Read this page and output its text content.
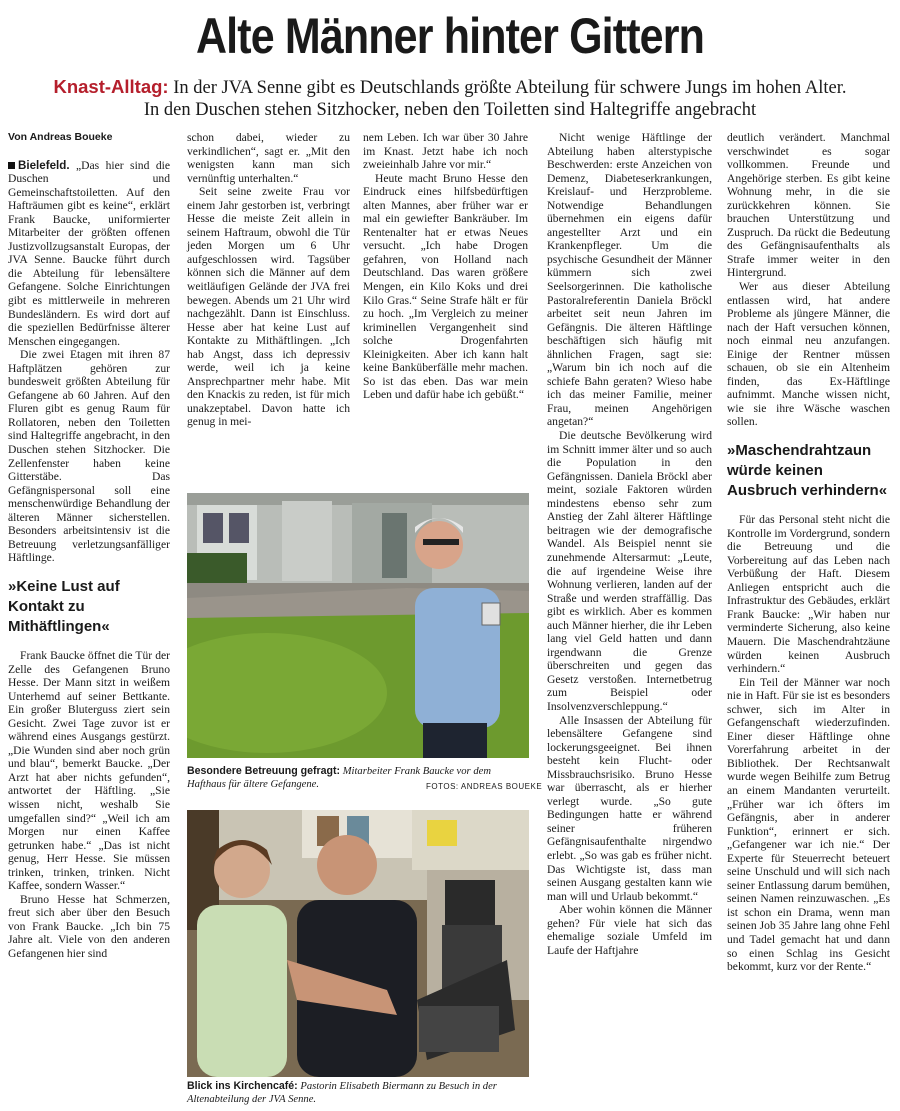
Alte Männer hinter Gittern
Knast-Alltag: In der JVA Senne gibt es Deutschlands größte Abteilung für schwere Jungs im hohen Alter.
In den Duschen stehen Sitzhocker, neben den Toiletten sind Haltegriffe angebracht
Von Andreas Boueke

Bielefeld. „Das hier sind die Duschen und Gemeinschaftstoiletten. Auf den Hafträumen gibt es keine“, erklärt Frank Baucke, uniformierter Mitarbeiter der größten offenen Justizvollzugsanstalt Europas, der JVA Senne. Baucke führt durch die Abteilung für lebensältere Gefangene. Solche Einrichtungen gibt es mittlerweile in mehreren Bundesländern. Es wird dort auf die speziellen Bedürfnisse älterer Menschen eingegangen.

Die zwei Etagen mit ihren 87 Haftplätzen gehören zur bundesweit größten Abteilung für Gefangene ab 60 Jahren. Auf den Fluren gibt es genug Raum für Rollatoren, neben den Toiletten sind Haltegriffe angebracht, in den Duschen stehen Sitzhocker. Die Zellenfenster haben keine Gitterstäbe. Das Gefängnispersonal soll eine menschenwürdige Behandlung der älteren Männer sicherstellen. Besonders arbeitsintensiv ist die Betreuung verletzungsanfälliger Häftlinge.

»Keine Lust auf Kontakt zu Mithäftlingen«

Frank Baucke öffnet die Tür der Zelle des Gefangenen Bruno Hesse. Der Mann sitzt in weißem Unterhemd auf seiner Bettkante. Ein großer Bluterguss ziert sein Gesicht. Zwei Tage zuvor ist er während eines Ausgangs gestürzt. „Die Wunden sind aber noch grün und blau“, bemerkt Baucke. „Der Arzt hat aber nichts gefunden“, antwortet der Häftling. „Sie wissen nicht, weshalb Sie umgefallen sind?“ „Weil ich am Morgen nur einen Kaffee getrunken habe.“ „Das ist nicht genug, Herr Hesse. Sie müssen trinken, trinken, trinken. Nicht Kaffee, sondern Wasser.“

Bruno Hesse hat Schmerzen, freut sich aber über den Besuch von Frank Baucke. „Ich bin 75 Jahre alt. Viele von den anderen Gefangenen hier sind

schon dabei, wieder zu verkindlichen“, sagt er. „Mit den wenigsten kann man sich vernünftig unterhalten.“

Seit seine zweite Frau vor einem Jahr gestorben ist, verbringt Hesse die meiste Zeit allein in seinem Haftraum, obwohl die Tür jeden Morgen um 6 Uhr aufgeschlossen wird. Tagsüber können sich die Männer auf dem weitläufigen Gelände der JVA frei bewegen. Abends um 21 Uhr wird nachgezählt. Dann ist Einschluss. Hesse aber hat keine Lust auf Kontakte zu Mithäftlingen. „Ich hab Angst, dass ich depressiv werde, weil ich ja keine Ansprechpartner mehr habe. Mit den Knackis zu reden, ist für mich unakzeptabel. Davon hatte ich genug in mei-

nem Leben. Ich war über 30 Jahre im Knast. Jetzt habe ich noch zweieinhalb Jahre vor mir.“

Heute macht Bruno Hesse den Eindruck eines hilfsbedürftigen alten Mannes, aber früher war er mal ein gewiefter Bankräuber. Im Rentenalter hat er etwas Neues versucht. „Ich habe Drogen gefahren, von Holland nach Deutschland. Das waren größere Mengen, ein Kilo Koks und drei Kilo Gras.“ Seine Strafe hält er für zu hoch. „Im Vergleich zu meiner kriminellen Vergangenheit sind solche Drogenfahrten Kleinigkeiten. Aber ich kann halt keine Banküberfälle mehr machen. So ist das eben. Das war mein Leben und dafür habe ich gebüßt.“

Besondere Betreuung gefragt: Mitarbeiter Frank Baucke vor dem Hafthaus für ältere Gefangene.	FOTOS: ANDREAS BOUEKE
Blick ins Kirchencafé: Pastorin Elisabeth Biermann zu Besuch in der Altenabteilung der JVA Senne.

Nicht wenige Häftlinge der Abteilung haben alterstypische Beschwerden: erste Anzeichen von Demenz, Diabeteserkrankungen, Kreislauf- und Herzprobleme. Notwendige Behandlungen übernehmen ein eigens dafür angestellter Arzt und ein Krankenpfleger. Um die psychische Gesundheit der Männer kümmern sich zwei Seelsorgerinnen. Die katholische Pastoralreferentin Daniela Bröckl arbeitet seit neun Jahren im Gefängnis. Die älteren Häftlinge beschäftigen sich häufig mit ähnlichen Fragen, sagt sie: „Warum bin ich noch auf die schiefe Bahn geraten? Wieso habe ich das meiner Familie, meiner Frau, meinen Angehörigen angetan?“

Die deutsche Bevölkerung wird im Schnitt immer älter und so auch die Population in den Gefängnissen. Daniela Bröckl aber meint, soziale Faktoren würden mindestens ebenso sehr zum Anstieg der Zahl älterer Häftlinge beitragen wie der demografische Wandel. Als Beispiel nennt sie zunehmende Altersarmut: „Leute, die auf irgendeine Weise ihre Wohnung verlieren, landen auf der Straße und werden straffällig. Das gibt es wirklich. Aber es kommen auch Männer hierher, die ihr Leben lang viel Geld hatten und dann irgendwann die Grenze überschreiten und gegen das Gesetz verstoßen. Internetbetrug zum Beispiel oder Insolvenzverschleppung.“

Alle Insassen der Abteilung für lebensältere Gefangene sind lockerungsgeeignet. Bei ihnen besteht kein Flucht- oder Missbrauchsrisiko. Bruno Hesse war überrascht, als er hierher verlegt wurde. „So gute Bedingungen hatte er während seiner früheren Gefängnisaufenthalte nirgendwo erlebt. „So was gab es früher nicht. Das Wichtigste ist, dass man seinen Ausgang gestalten kann wie man will und Urlaub bekommt.“

Aber wohin können die Männer gehen? Für viele hat sich das ehemalige soziale Umfeld im Laufe der Haftjahre

deutlich verändert. Manchmal verschwindet es sogar vollkommen. Freunde und Angehörige sterben. Es gibt keine Wohnung mehr, in die sie zurückkehren können. Sie brauchen Unterstützung und Zuspruch. Da rückt die Bedeutung des Gefängnisaufenthalts als Strafe immer weiter in den Hintergrund.

Wer aus dieser Abteilung entlassen wird, hat andere Probleme als jüngere Männer, die nach der Haft versuchen können, noch einmal neu anzufangen. Einige der Rentner müssen schauen, ob sie ein Altenheim finden, das Ex-Häftlinge aufnimmt. Manche wissen nicht, wie sie ihre Wäsche waschen sollen.

»Maschendrahtzaun würde keinen Ausbruch verhindern«

Für das Personal steht nicht die Kontrolle im Vordergrund, sondern die Betreuung und die Vorbereitung auf das Leben nach Verbüßung der Haft. Diesem Anliegen entspricht auch die Infrastruktur des Gebäudes, erklärt Frank Baucke: „Wir haben nur verminderte Sicherung, also keine Mauern. Die Maschendrahtzäune würden keinen Ausbruch verhindern.“

Ein Teil der Männer war noch nie in Haft. Für sie ist es besonders schwer, sich im Alter in Gefangenschaft wiederzufinden. Einer dieser Häftlinge ohne Vorerfahrung arbeitet in der Bibliothek. Der Rechtsanwalt wurde wegen Beihilfe zum Betrug an einem Mandanten verurteilt. „Früher war ich öfters im Gefängnis, aber in anderer Funktion“, erinnert er sich. „Gefangener war ich nie.“ Der Experte für Steuerrecht beteuert seine Unschuld und will sich nach seiner Entlassung darum bemühen, seinen Namen reinzuwaschen. „Es ist schon ein Drama, wenn man seinen Job 35 Jahre lang ohne Fehl und Tadel gemacht hat und dann so einen Schlag ins Gesicht bekommt, kurz vor der Rente.“
